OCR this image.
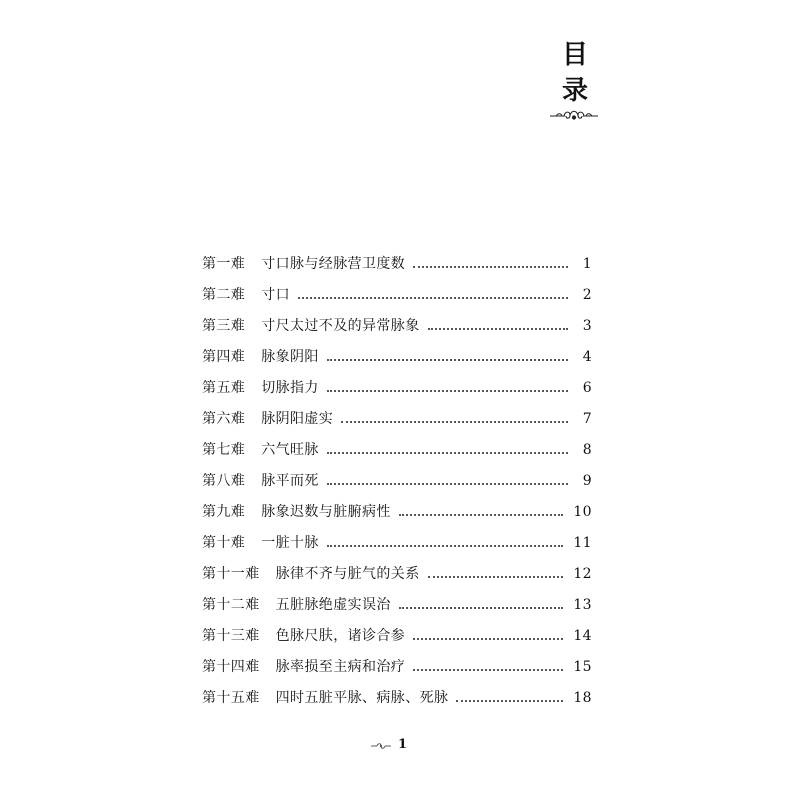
目
录
第一难 寸口脉与经脉营卫度数	1
第二难 寸口	2
第三难 寸尺太过不及的异常脉象	3
第四难 脉象阴阳	4
第五难 切脉指力	6
第六难 脉阴阳虚实	7
第七难 六气旺脉	8
第八难 脉平而死	9
第九难 脉象迟数与脏腑病性	10
第十难 一脏十脉	11
第十一难 脉律不齐与脏气的关系	12
第十二难 五脏脉绝虚实误治	13
第十三难 色脉尺肤，诸诊合参	14
第十四难 脉率损至主病和治疗	15
第十五难 四时五脏平脉、病脉、死脉	18
1
